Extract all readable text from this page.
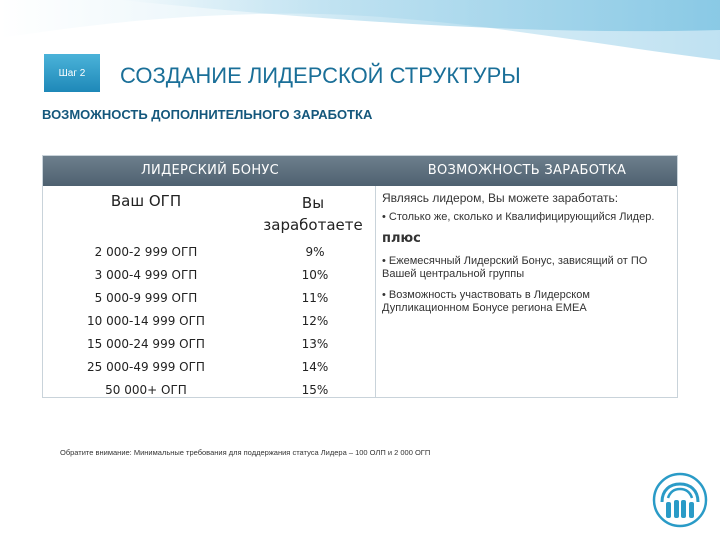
Шаг 2	СОЗДАНИЕ ЛИДЕРСКОЙ СТРУКТУРЫ
ВОЗМОЖНОСТЬ ДОПОЛНИТЕЛЬНОГО ЗАРАБОТКА
ЛИДЕРСКИЙ БОНУС	ВОЗМОЖНОСТЬ ЗАРАБОТКА
Ваш ОГП	Вы
заработаете
2 000-2 999 ОГП	9%
3 000-4 999 ОГП	10%
5 000-9 999 ОГП	11%
10 000-14 999 ОГП	12%
15 000-24 999 ОГП	13%
25 000-49 999 ОГП	14%
50 000+ ОГП	15%
Являясь лидером, Вы можете заработать:
• Столько же, сколько и Квалифицирующийся Лидер.
плюс
• Ежемесячный Лидерский Бонус, зависящий от ПО Вашей центральной группы
• Возможность участвовать в Лидерском Дупликационном Бонусе региона ЕМЕА

Обратите внимание: Минимальные требования для поддержания статуса Лидера – 100 ОЛП и 2 000 ОГП
